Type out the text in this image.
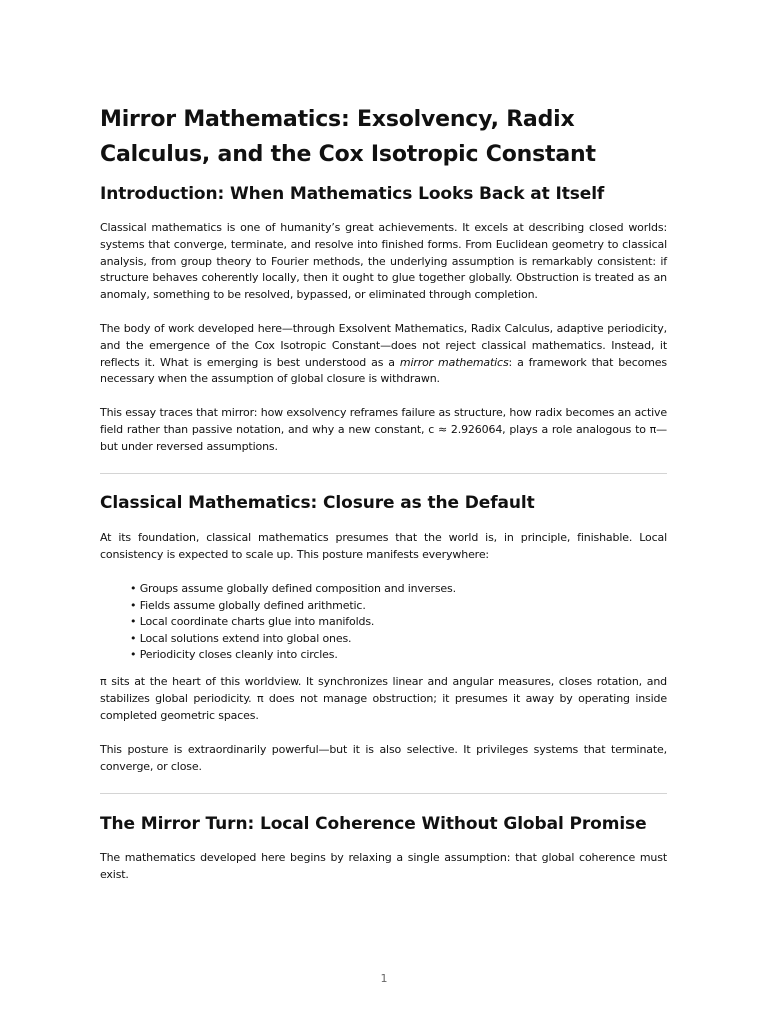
Mirror Mathematics: Exsolvency, Radix Calculus, and the Cox Isotropic Constant
Introduction: When Mathematics Looks Back at Itself

Classical mathematics is one of humanity’s great achievements. It excels at describing closed worlds: systems that converge, terminate, and resolve into finished forms. From Euclidean geometry to classical analysis, from group theory to Fourier methods, the underlying assumption is remarkably consistent: if structure behaves coherently locally, then it ought to glue together globally. Obstruction is treated as an anomaly, something to be resolved, bypassed, or eliminated through completion.

The body of work developed here—through Exsolvent Mathematics, Radix Calculus, adaptive periodicity, and the emergence of the Cox Isotropic Constant—does not reject classical mathematics. Instead, it reflects it. What is emerging is best understood as a mirror mathematics: a framework that becomes necessary when the assumption of global closure is withdrawn.

This essay traces that mirror: how exsolvency reframes failure as structure, how radix becomes an active field rather than passive notation, and why a new constant, c ≈ 2.926064, plays a role analogous to π—but under reversed assumptions.

Classical Mathematics: Closure as the Default

At its foundation, classical mathematics presumes that the world is, in principle, finishable. Local consistency is expected to scale up. This posture manifests everywhere:

• Groups assume globally defined composition and inverses.
• Fields assume globally defined arithmetic.
• Local coordinate charts glue into manifolds.
• Local solutions extend into global ones.
• Periodicity closes cleanly into circles.

π sits at the heart of this worldview. It synchronizes linear and angular measures, closes rotation, and stabilizes global periodicity. π does not manage obstruction; it presumes it away by operating inside completed geometric spaces.

This posture is extraordinarily powerful—but it is also selective. It privileges systems that terminate, converge, or close.

The Mirror Turn: Local Coherence Without Global Promise

The mathematics developed here begins by relaxing a single assumption: that global coherence must exist.

1
